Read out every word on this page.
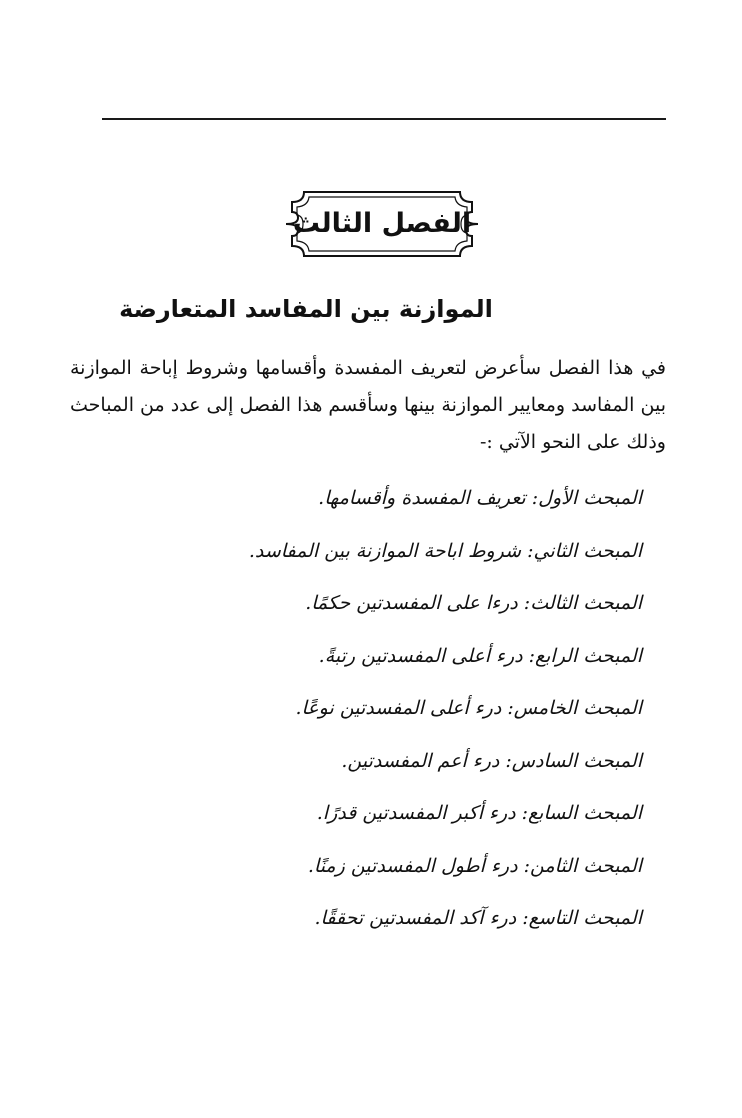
الفصل الثالث
الموازنة بين المفاسد المتعارضة

في هذا الفصل سأعرض لتعريف المفسدة وأقسامها وشروط إباحة الموازنة بين المفاسد ومعايير الموازنة بينها وسأقسم هذا الفصل إلى عدد من المباحث وذلك على النحو الآتي :-

المبحث الأول: تعريف المفسدة وأقسامها.
المبحث الثاني: شروط اباحة الموازنة بين المفاسد.
المبحث الثالث: درءا على المفسدتين حكمًا.
المبحث الرابع: درء أعلى المفسدتين رتبةً.
المبحث الخامس: درء أعلى المفسدتين نوعًا.
المبحث السادس: درء أعم المفسدتين.
المبحث السابع: درء أكبر المفسدتين قدرًا.
المبحث الثامن: درء أطول المفسدتين زمنًا.
المبحث التاسع: درء آكد المفسدتين تحققًا.
